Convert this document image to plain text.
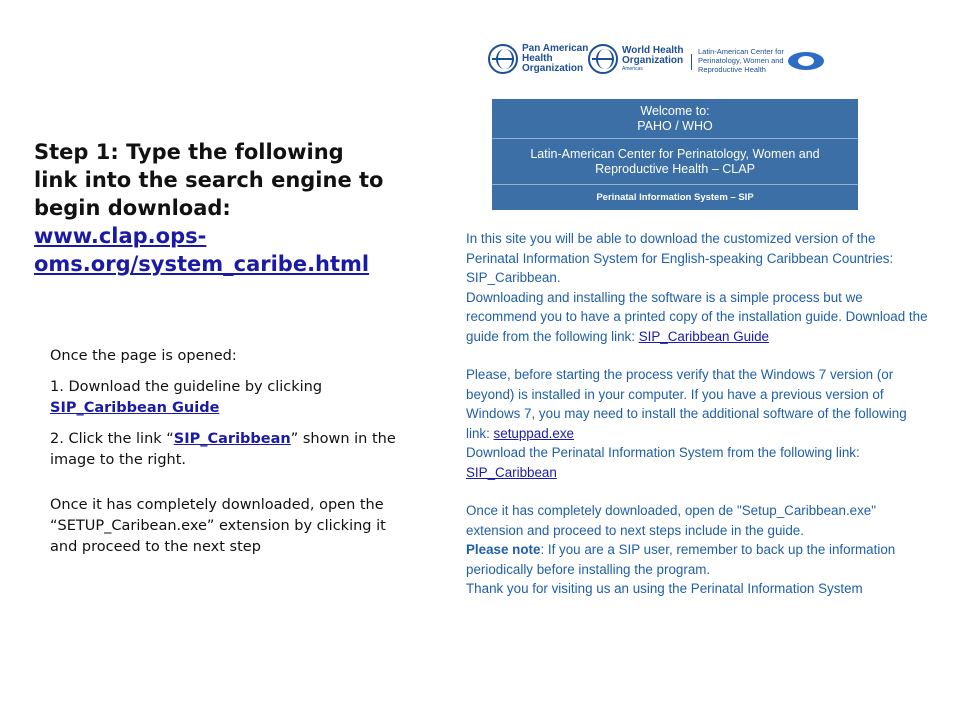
Step 1: Type the following link into the search engine to begin download:
www.clap.ops-oms.org/system_caribe.html

Once the page is opened:

1. Download the guideline by clicking
SIP_Caribbean Guide

2. Click the link “SIP_Caribbean” shown in the image to the right.

Once it has completely downloaded, open the “SETUP_Caribean.exe” extension by clicking it and proceed to the next step

Pan American
Health
Organization
World Health
Organization
Americas
Latin-American Center for
Perinatology, Women and
Reproductive Health
Welcome to:
PAHO / WHO
Latin-American Center for Perinatology, Women and
Reproductive Health – CLAP
Perinatal Information System – SIP

In this site you will be able to download the customized version of the Perinatal Information System for English-speaking Caribbean Countries: SIP_Caribbean.

Downloading and installing the software is a simple process but we recommend you to have a printed copy of the installation guide. Download the guide from the following link: SIP_Caribbean Guide

Please, before starting the process verify that the Windows 7 version (or beyond) is installed in your computer. If you have a previous version of Windows 7, you may need to install the additional software of the following link: setuppad.exe

Download the Perinatal Information System from the following link: SIP_Caribbean

Once it has completely downloaded, open de "Setup_Caribbean.exe" extension and proceed to next steps include in the guide.

Please note: If you are a SIP user, remember to back up the information periodically before installing the program.

Thank you for visiting us an using the Perinatal Information System
